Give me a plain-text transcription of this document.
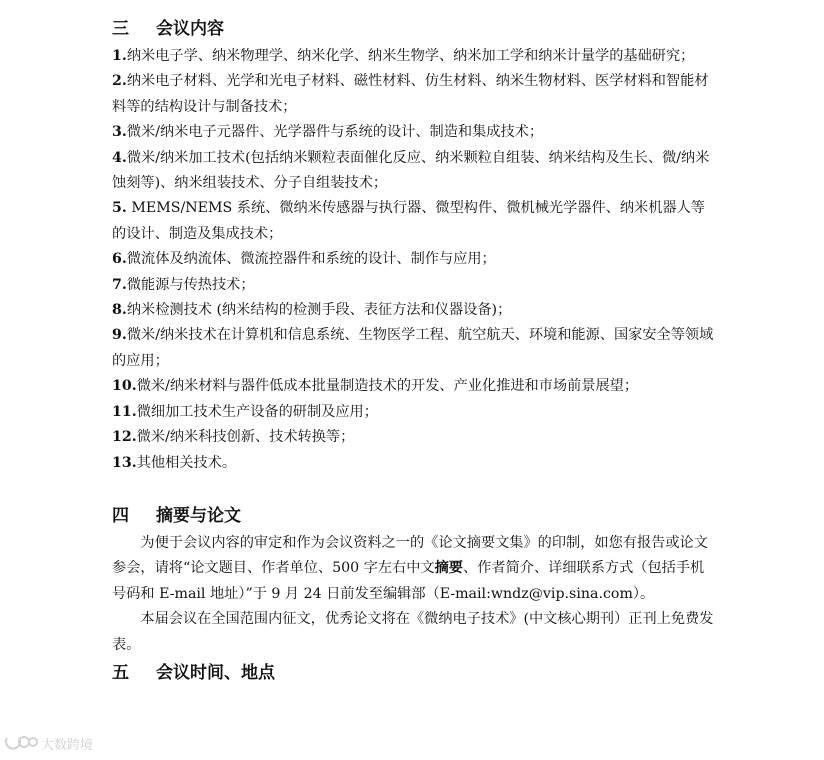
三 会议内容

1.纳米电子学、纳米物理学、纳米化学、纳米生物学、纳米加工学和纳米计量学的基础研究；

2.纳米电子材料、光学和光电子材料、磁性材料、仿生材料、纳米生物材料、医学材料和智能材料等的结构设计与制备技术；

3.微米/纳米电子元器件、光学器件与系统的设计、制造和集成技术；

4.微米/纳米加工技术(包括纳米颗粒表面催化反应、纳米颗粒自组装、纳米结构及生长、微/纳米蚀刻等)、纳米组装技术、分子自组装技术；

5. MEMS/NEMS 系统、微纳米传感器与执行器、微型构件、微机械光学器件、纳米机器人等的设计、制造及集成技术；

6.微流体及纳流体、微流控器件和系统的设计、制作与应用；

7.微能源与传热技术；

8.纳米检测技术 (纳米结构的检测手段、表征方法和仪器设备)；

9.微米/纳米技术在计算机和信息系统、生物医学工程、航空航天、环境和能源、国家安全等领域的应用；

10.微米/纳米材料与器件低成本批量制造技术的开发、产业化推进和市场前景展望；

11.微细加工技术生产设备的研制及应用；

12.微米/纳米科技创新、技术转换等；

13.其他相关技术。

四 摘要与论文

为便于会议内容的审定和作为会议资料之一的《论文摘要文集》的印制，如您有报告或论文参会，请将“论文题目、作者单位、500 字左右中文摘要、作者简介、详细联系方式（包括手机号码和 E-mail 地址）”于 9 月 24 日前发至编辑部（E-mail:wndz@vip.sina.com）。

本届会议在全国范围内征文，优秀论文将在《微纳电子技术》(中文核心期刊）正刊上免费发表。

五 会议时间、地点
大数跨境
